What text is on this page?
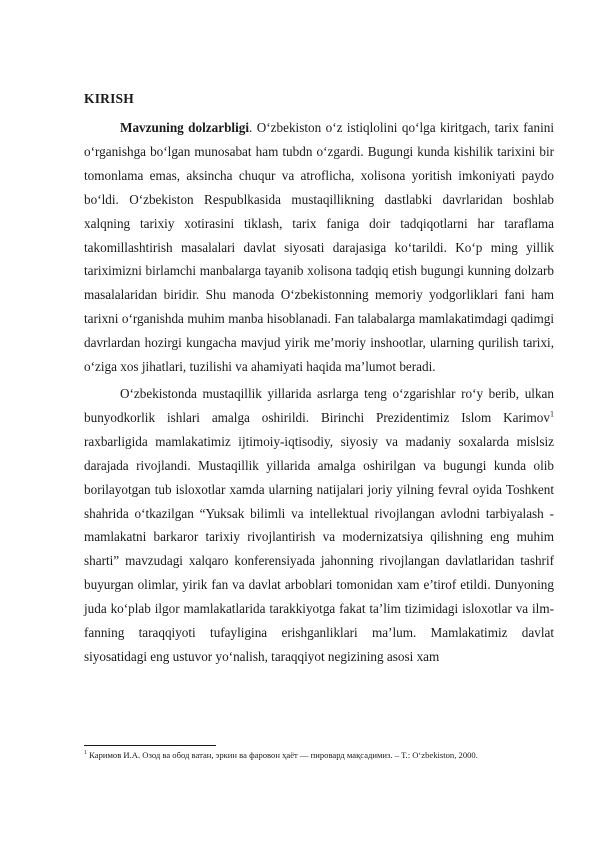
KIRISH

Mavzuning dolzarbligi. O‘zbekiston o‘z istiqlolini qo‘lga kiritgach, tarix fanini o‘rganishga bo‘lgan munosabat ham tubdn o‘zgardi. Bugungi kunda kishilik tarixini bir tomonlama emas, aksincha chuqur va atroflicha, xolisona yoritish imkoniyati paydo bo‘ldi. O‘zbekiston Respublkasida mustaqillikning dastlabki davrlaridan boshlab xalqning tarixiy xotirasini tiklash, tarix faniga doir tadqiqotlarni har taraflama takomillashtirish masalalari davlat siyosati darajasiga ko‘tarildi. Ko‘p ming yillik tariximizni birlamchi manbalarga tayanib xolisona tadqiq etish bugungi kunning dolzarb masalalaridan biridir. Shu manoda O‘zbekistonning memoriy yodgorliklari fani ham tarixni o‘rganishda muhim manba hisoblanadi. Fan talabalarga mamlakatimdagi qadimgi davrlardan hozirgi kungacha mavjud yirik me’moriy inshootlar, ularning qurilish tarixi, o‘ziga xos jihatlari, tuzilishi va ahamiyati haqida ma’lumot beradi.

O‘zbekistonda mustaqillik yillarida asrlarga teng o‘zgarishlar ro‘y berib, ulkan bunyodkorlik ishlari amalga oshirildi. Birinchi Prezidentimiz Islom Karimov$^1$ raxbarligida mamlakatimiz ijtimoiy-iqtisodiy, siyosiy va madaniy soxalarda mislsiz darajada rivojlandi. Mustaqillik yillarida amalga oshirilgan va bugungi kunda olib borilayotgan tub isloxotlar xamda ularning natijalari joriy yilning fevral oyida Toshkent shahrida o‘tkazilgan “Yuksak bilimli va intellektual rivojlangan avlodni tarbiyalash - mamlakatni barkaror tarixiy rivojlantirish va modernizatsiya qilishning eng muhim sharti” mavzudagi xalqaro konferensiyada jahonning rivojlangan davlatlaridan tashrif buyurgan olimlar, yirik fan va davlat arboblari tomonidan xam e’tirof etildi. Dunyoning juda ko‘plab ilgor mamlakatlarida tarakkiyotga fakat ta’lim tizimidagi isloxotlar va ilm-fanning taraqqiyoti tufayligina erishganliklari ma’lum. Mamlakatimiz davlat siyosatidagi eng ustuvor yo‘nalish, taraqqiyot negizining asosi xam

$^1$ Каримов И.А. Озод ва обод ватан, эркин ва фаровон ҳаёт — пировард мақсадимиз. – Т.: O‘zbekiston, 2000.
